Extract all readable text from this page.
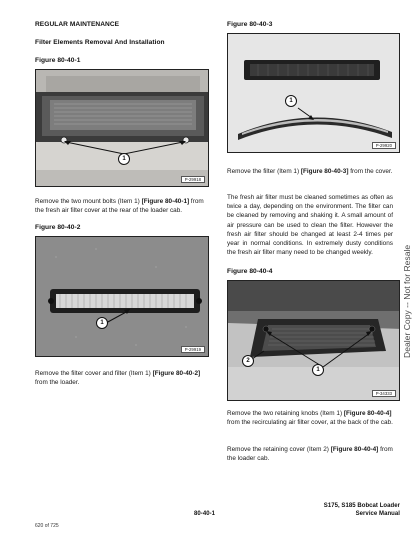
REGULAR MAINTENANCE
Filter Elements Removal And Installation
Figure 80-40-1
1
P-29918
Remove the two mount bolts (Item 1) [Figure 80-40-1] from the fresh air filter cover at the rear of the loader cab.
Figure 80-40-2
1
P-29919
Remove the filter cover and filter (Item 1) [Figure 80-40-2] from the loader.
Figure 80-40-3
1
P-29920
Remove the filter (Item 1) [Figure 80-40-3] from the cover.
The fresh air filter must be cleaned sometimes as often as twice a day, depending on the environment. The filter can be cleaned by removing and shaking it. A small amount of air pressure can be used to clean the filter. However the fresh air filter should be changed at least 2-4 times per year in normal conditions. In extremely dusty conditions the fresh air filter many need to be changed weekly.
Figure 80-40-4
2
1
P-34333
Remove the two retaining knobs (Item 1) [Figure 80-40-4] from the recirculating air filter cover, at the back of the cab.
Remove the retaining cover (Item 2) [Figure 80-40-4] from the loader cab.
Dealer Copy -- Not for Resale
80-40-1
S175, S185 Bobcat Loader
Service Manual
620 of 725
